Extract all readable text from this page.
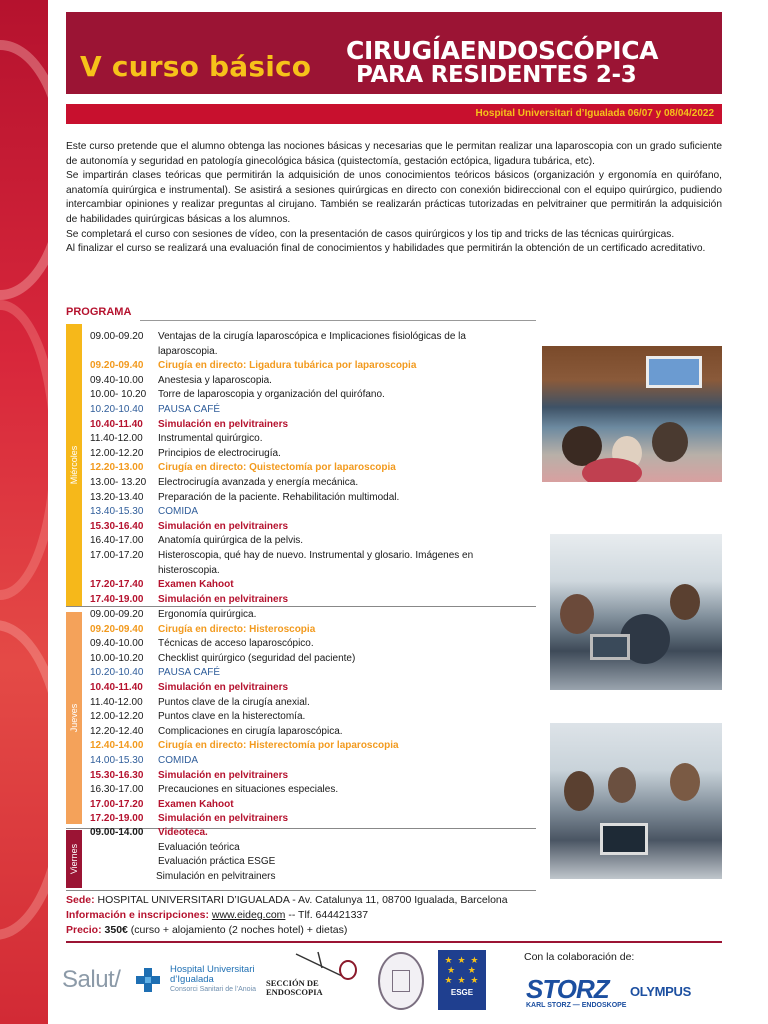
V curso básico CIRUGÍAENDOSCÓPICA
PARA RESIDENTES 2-3
Hospital Universitari d’Igualada 06/07 y 08/04/2022

Este curso pretende que el alumno obtenga las nociones básicas y necesarias que le permitan realizar una laparoscopia con un grado suficiente de autonomía y seguridad en patología ginecológica básica (quistectomía, gestación ectópica, ligadura tubárica, etc).

Se impartirán clases teóricas que permitirán la adquisición de unos conocimientos teóricos básicos (organización y ergonomía en quirófano, anatomía quirúrgica e instrumental). Se asistirá a sesiones quirúrgicas en directo con conexión bidireccional con el equipo quirúrgico, pudiendo intercambiar opiniones y realizar preguntas al cirujano. También se realizarán prácticas tutorizadas en pelvitrainer que permitirán la adquisición de habilidades quirúrgicas básicas a los alumnos.

Se completará el curso con sesiones de vídeo, con la presentación de casos quirúrgicos y los tip and tricks de las técnicas quirúrgicas.

Al finalizar el curso se realizará una evaluación final de conocimientos y habilidades que permitirán la obtención de un certificado acreditativo.

PROGRAMA
Miércoles
Jueves
Viernes
09.00-09.20	Ventajas de la cirugía laparoscópica e Implicaciones fisiológicas de la laparoscopia.
09.20-09.40	Cirugía en directo: Ligadura tubárica por laparoscopia
09.40-10.00	Anestesia y laparoscopia.
10.00- 10.20	Torre de laparoscopia y organización del quirófano.
10.20-10.40	PAUSA CAFÉ
10.40-11.40	Simulación en pelvitrainers
11.40-12.00	Instrumental quirúrgico.
12.00-12.20	Principios de electrocirugía.
12.20-13.00	Cirugía en directo: Quistectomía por laparoscopia
13.00- 13.20	Electrocirugía avanzada y energía mecánica.
13.20-13.40	Preparación de la paciente. Rehabilitación multimodal.
13.40-15.30	COMIDA
15.30-16.40	Simulación en pelvitrainers
16.40-17.00	Anatomía quirúrgica de la pelvis.
17.00-17.20	Histeroscopia, qué hay de nuevo. Instrumental y glosario. Imágenes en histeroscopia.
17.20-17.40	Examen Kahoot
17.40-19.00	Simulación en pelvitrainers
09.00-09.20	Ergonomía quirúrgica.
09.20-09.40	Cirugía en directo: Histeroscopia
09.40-10.00	Técnicas de acceso laparoscópico.
10.00-10.20	Checklist quirúrgico (seguridad del paciente)
10.20-10.40	PAUSA CAFÉ
10.40-11.40	Simulación en pelvitrainers
11.40-12.00	Puntos clave de la cirugía anexial.
12.00-12.20	Puntos clave en la histerectomía.
12.20-12.40	Complicaciones en cirugía laparoscópica.
12.40-14.00	Cirugía en directo: Histerectomía por laparoscopia
14.00-15.30	COMIDA
15.30-16.30	Simulación en pelvitrainers
16.30-17.00	Precauciones en situaciones especiales.
17.00-17.20	Examen Kahoot
17.20-19.00	Simulación en pelvitrainers
09.00-14.00	Videoteca.
Evaluación teórica
Evaluación práctica ESGE
Simulación en pelvitrainers
Sede: HOSPITAL UNIVERSITARI D’IGUALADA - Av. Catalunya 11, 08700 Igualada, Barcelona
Información e inscripciones: www.eideg.com -- Tlf. 644421337
Precio: 350€ (curso + alojamiento (2 noches hotel) + dietas)
Con la colaboración de:
Salut/	Hospital Universitari
d’Igualada
Consorci Sanitari de l’Anoia
SECCIÓN DE
ENDOSCOPIA
★ ★ ★
★   ★
★ ★ ★
ESGE	STORZ
KARL STORZ — ENDOSKOPE
OLYMPUS
